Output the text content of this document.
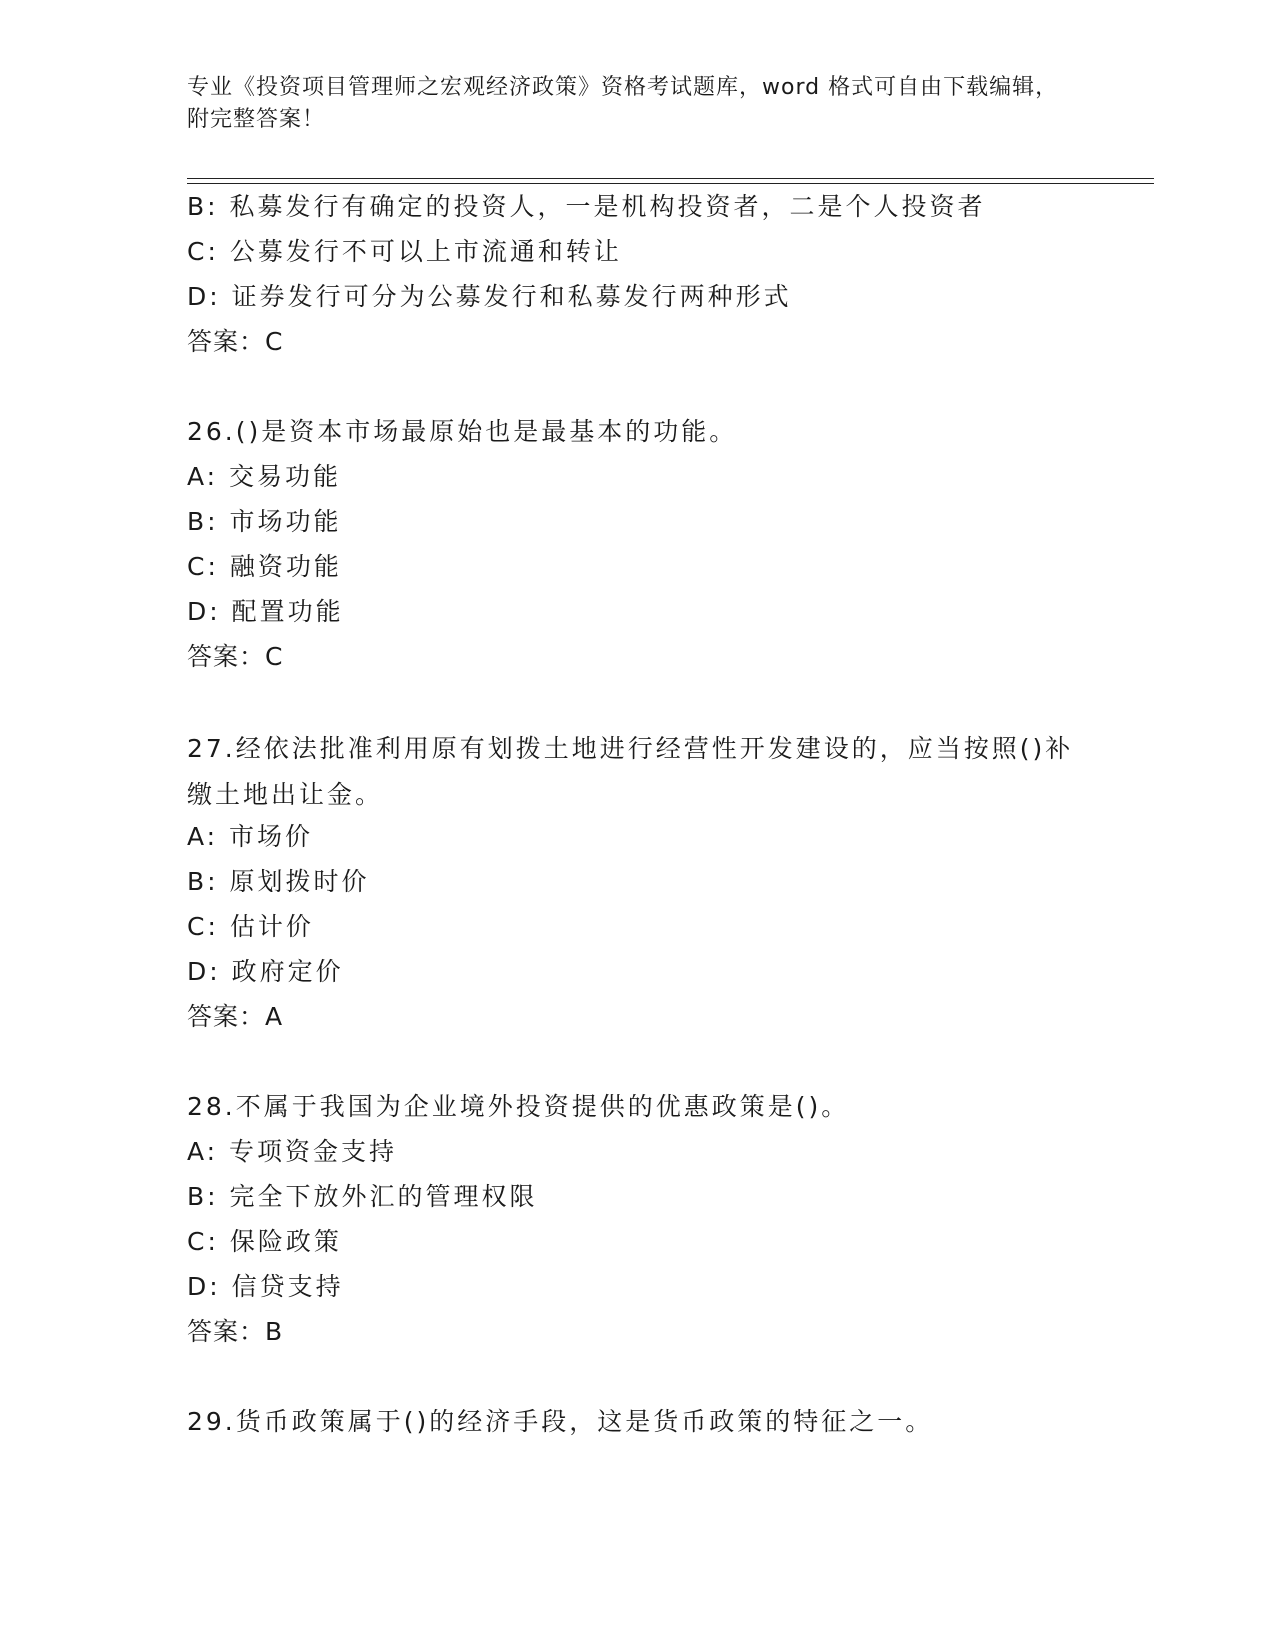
专业《投资项目管理师之宏观经济政策》资格考试题库，word 格式可自由下载编辑，附完整答案！
B: 私募发行有确定的投资人，一是机构投资者，二是个人投资者
C: 公募发行不可以上市流通和转让
D: 证券发行可分为公募发行和私募发行两种形式
答案：C
26.()是资本市场最原始也是最基本的功能。
A: 交易功能
B: 市场功能
C: 融资功能
D: 配置功能
答案：C
27.经依法批准利用原有划拨土地进行经营性开发建设的，应当按照()补缴土地出让金。
A: 市场价
B: 原划拨时价
C: 估计价
D: 政府定价
答案：A
28.不属于我国为企业境外投资提供的优惠政策是()。
A: 专项资金支持
B: 完全下放外汇的管理权限
C: 保险政策
D: 信贷支持
答案：B
29.货币政策属于()的经济手段，这是货币政策的特征之一。
